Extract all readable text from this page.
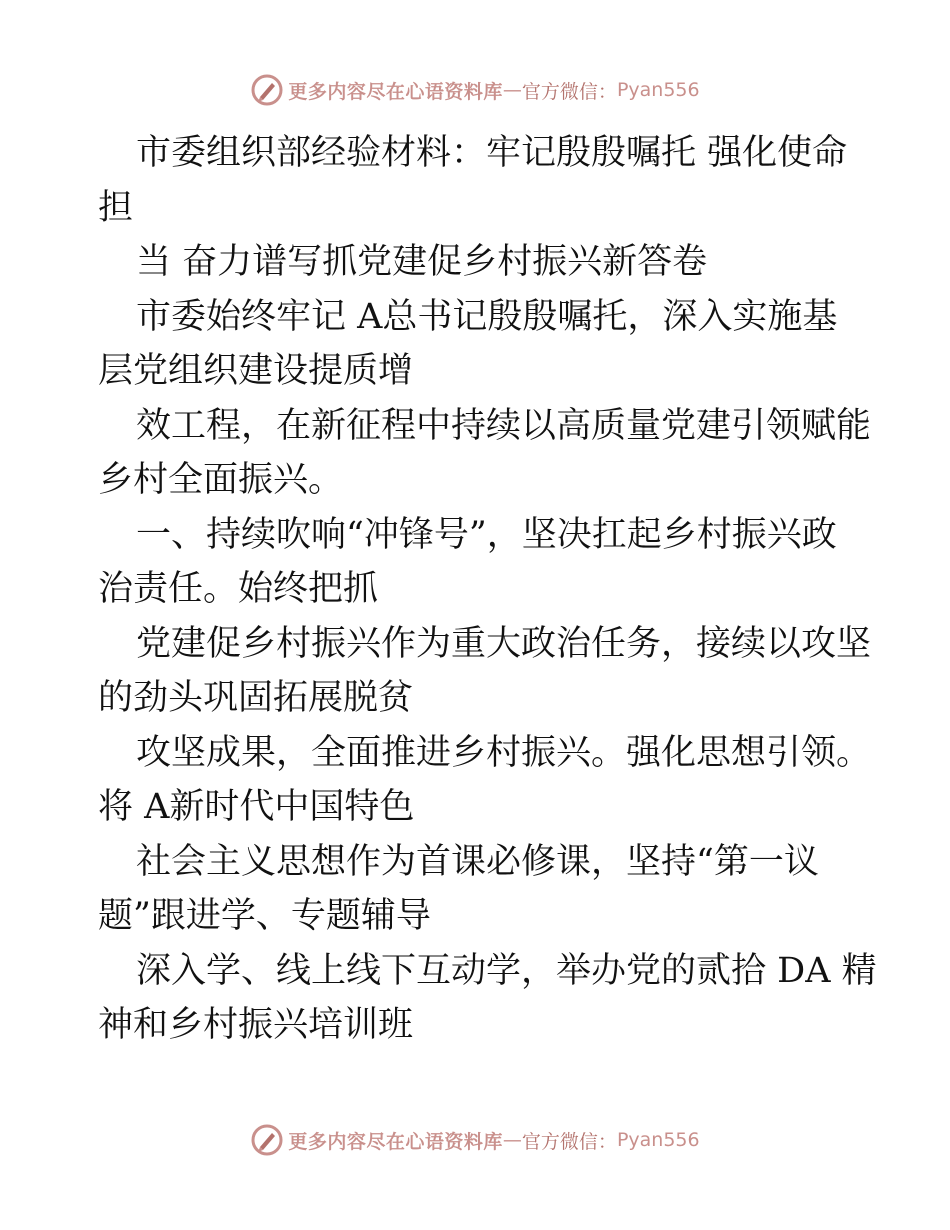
更多内容尽在心语资料库 — 官方微信： Pyan556
市委组织部经验材料：牢记殷殷嘱托 强化使命
担
当 奋力谱写抓党建促乡村振兴新答卷
市委始终牢记 A总书记殷殷嘱托，深入实施基
层党组织建设提质增
效工程，在新征程中持续以高质量党建引领赋能
乡村全面振兴。
一、持续吹响“冲锋号”，坚决扛起乡村振兴政
治责任。始终把抓
党建促乡村振兴作为重大政治任务，接续以攻坚
的劲头巩固拓展脱贫
攻坚成果，全面推进乡村振兴。强化思想引领。
将 A新时代中国特色
社会主义思想作为首课必修课，坚持“第一议
题”跟进学、专题辅导
深入学、线上线下互动学，举办党的贰拾 DA 精
神和乡村振兴培训班
更多内容尽在心语资料库 — 官方微信： Pyan556
